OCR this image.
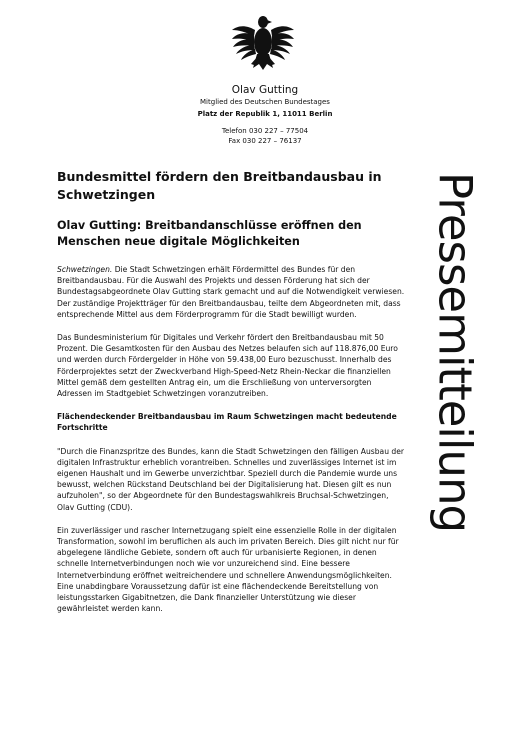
Olav Gutting
Mitglied des Deutschen Bundestages
Platz der Republik 1, 11011 Berlin
Telefon 030 227 – 77504
Fax 030 227 – 76137
Pressemitteilung
Bundesmittel fördern den Breitbandausbau in Schwetzingen
Olav Gutting: Breitbandanschlüsse eröffnen den Menschen neue digitale Möglichkeiten

Schwetzingen. Die Stadt Schwetzingen erhält Fördermittel des Bundes für den Breitbandausbau. Für die Auswahl des Projekts und dessen Förderung hat sich der Bundestagsabgeordnete Olav Gutting stark gemacht und auf die Notwendigkeit verwiesen. Der zuständige Projektträger für den Breitbandausbau, teilte dem Abgeordneten mit, dass entsprechende Mittel aus dem Förderprogramm für die Stadt bewilligt wurden.

Das Bundesministerium für Digitales und Verkehr fördert den Breitbandausbau mit 50 Prozent. Die Gesamtkosten für den Ausbau des Netzes belaufen sich auf 118.876,00 Euro und werden durch Fördergelder in Höhe von 59.438,00 Euro bezuschusst. Innerhalb des Förderprojektes setzt der Zweckverband High-Speed-Netz Rhein-Neckar die finanziellen Mittel gemäß dem gestellten Antrag ein, um die Erschließung von unterversorgten Adressen im Stadtgebiet Schwetzingen voranzutreiben.

Flächendeckender Breitbandausbau im Raum Schwetzingen macht bedeutende Fortschritte

"Durch die Finanzspritze des Bundes, kann die Stadt Schwetzingen den fälligen Ausbau der digitalen Infrastruktur erheblich vorantreiben. Schnelles und zuverlässiges Internet ist im eigenen Haushalt und im Gewerbe unverzichtbar. Speziell durch die Pandemie wurde uns bewusst, welchen Rückstand Deutschland bei der Digitalisierung hat. Diesen gilt es nun aufzuholen", so der Abgeordnete für den Bundestagswahlkreis Bruchsal-Schwetzingen, Olav Gutting (CDU).

Ein zuverlässiger und rascher Internetzugang spielt eine essenzielle Rolle in der digitalen Transformation, sowohl im beruflichen als auch im privaten Bereich. Dies gilt nicht nur für abgelegene ländliche Gebiete, sondern oft auch für urbanisierte Regionen, in denen schnelle Internetverbindungen noch wie vor unzureichend sind. Eine bessere Internetverbindung eröffnet weitreichendere und schnellere Anwendungsmöglichkeiten. Eine unabdingbare Voraussetzung dafür ist eine flächendeckende Bereitstellung von leistungsstarken Gigabitnetzen, die Dank finanzieller Unterstützung wie dieser gewährleistet werden kann.
